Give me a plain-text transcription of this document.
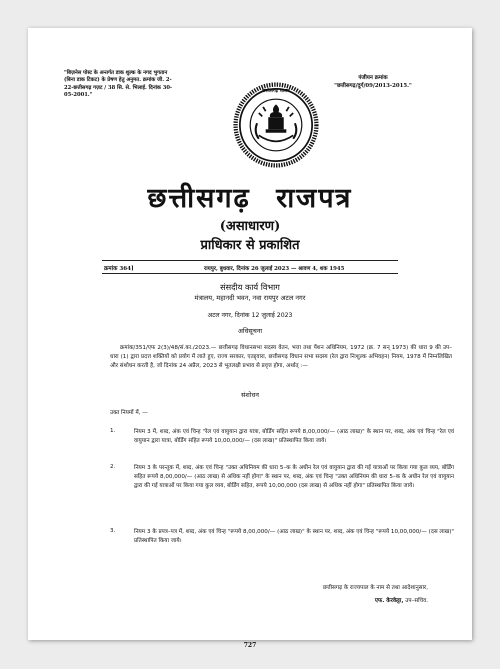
"बिज़नेस पोस्ट के अन्तर्गत डाक शुल्क के नगद भुगतान (बिना डाक टिकट) के प्रेषण हेतु अनुमत. क्रमांक जी. 2-22-छत्तीसगढ़ गज़ट / 38 सि. से. भिलाई. दिनांक 30-05-2001."
पंजीयन क्रमांक
"छत्तीसगढ़/दुर्ग/09/2013-2015."
छत्तीसगढ़ शासन
छत्तीसगढ़ राजपत्र
(असाधारण)
प्राधिकार से प्रकाशित
क्रमांक 364]	रायपुर, बुधवार, दिनांक 26 जुलाई 2023 — श्रावण 4, शक 1945
संसदीय कार्य विभाग
मंत्रालय, महानदी भवन, नवा रायपुर अटल नगर
अटल नगर, दिनांक 12 जुलाई 2023
अधिसूचना
क्रमांक/351/एफ 2(3)/48/सं.का./2023.— छत्तीसगढ़ विधानसभा सदस्य वेतन, भत्ता तथा पेंशन अधिनियम, 1972 (क्र. 7 सन् 1973) की धारा 9 की उप–धारा (1) द्वारा प्रदत्त शक्तियों को प्रयोग में लाते हुए, राज्य सरकार, एतद्द्वारा, छत्तीसगढ़ विधान सभा सदस्य (रेल द्वारा निःशुल्क अभिवहन) नियम, 1978 में निम्नलिखित और संशोधन करती है, जो दिनांक 24 अप्रैल, 2023 से भूतलक्षी प्रभाव से प्रवृत्त होगा, अर्थात् :—
संशोधन
उक्त नियमों में, —
1.	नियम 3 में, शब्द, अंक एवं चिन्ह "रेल एवं वायुयान द्वारा यात्रा, बोर्डिंग सहित रूपये 8,00,000/— (आठ लाख)" के स्थान पर, शब्द, अंक एवं चिन्ह "रेल एवं वायुयान द्वारा यात्रा, बोर्डिंग सहित रूपये 10,00,000/— (दस लाख)" प्रतिस्थापित किया जाये।
2.	नियम 3 के परन्तुक में, शब्द, अंक एवं चिन्ह "उक्त अधिनियम की धारा 5–क के अधीन रेल एवं वायुयान द्वारा की गई यात्राओं पर किया गया कुल व्यय, बोर्डिंग सहित रूपये 8,00,000/— (आठ लाख) से अधिक नहीं होगा" के स्थान पर, शब्द, अंक एवं चिन्ह "उक्त अधिनियम की धारा 5–क के अधीन रेल एवं वायुयान द्वारा की गई यात्राओं पर किया गया कुल व्यय, बोर्डिंग सहित, रूपये 10,00,000 (दस लाख) से अधिक नहीं होगा" प्रतिस्थापित किया जाये।
3.	नियम 3 के प्रपत्र–पत्र में, शब्द, अंक एवं चिन्ह "रूपये 8,00,000/— (आठ लाख)" के स्थान पर, शब्द, अंक एवं चिन्ह "रूपये 10,00,000/— (दस लाख)" प्रतिस्थापित किया जाये।
छत्तीसगढ़ के राज्यपाल के नाम से तथा आदेशानुसार,
एफ. केरकेट्टा, उप–सचिव.
727
